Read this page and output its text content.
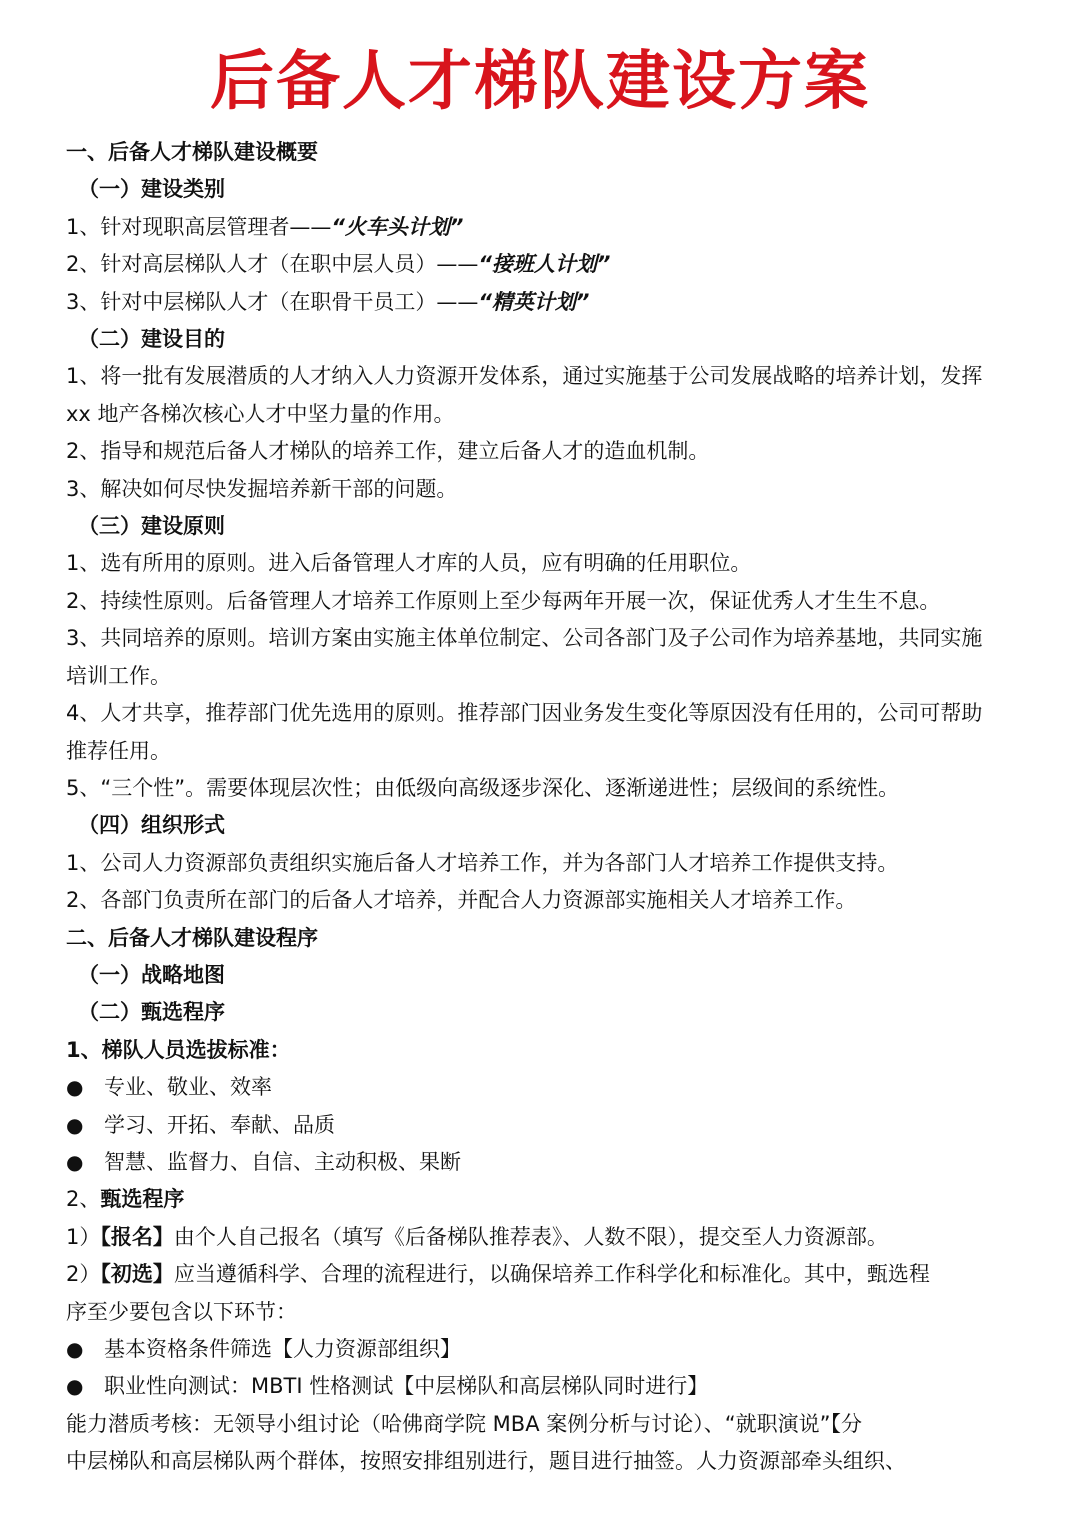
后备人才梯队建设方案
一、后备人才梯队建设概要
（一）建设类别
1、针对现职高层管理者——“火车头计划”
2、针对高层梯队人才（在职中层人员）——“接班人计划”
3、针对中层梯队人才（在职骨干员工）——“精英计划”
（二）建设目的
1、将一批有发展潜质的人才纳入人力资源开发体系，通过实施基于公司发展战略的培养计划，发挥
xx 地产各梯次核心人才中坚力量的作用。
2、指导和规范后备人才梯队的培养工作，建立后备人才的造血机制。
3、解决如何尽快发掘培养新干部的问题。
（三）建设原则
1、选有所用的原则。进入后备管理人才库的人员，应有明确的任用职位。
2、持续性原则。后备管理人才培养工作原则上至少每两年开展一次，保证优秀人才生生不息。
3、共同培养的原则。培训方案由实施主体单位制定、公司各部门及子公司作为培养基地，共同实施
培训工作。
4、人才共享，推荐部门优先选用的原则。推荐部门因业务发生变化等原因没有任用的，公司可帮助
推荐任用。
5、“三个性”。需要体现层次性；由低级向高级逐步深化、逐渐递进性；层级间的系统性。
（四）组织形式
1、公司人力资源部负责组织实施后备人才培养工作，并为各部门人才培养工作提供支持。
2、各部门负责所在部门的后备人才培养，并配合人力资源部实施相关人才培养工作。
二、后备人才梯队建设程序
（一）战略地图
（二）甄选程序
1、梯队人员选拔标准：
● 专业、敬业、效率
● 学习、开拓、奉献、品质
● 智慧、监督力、自信、主动积极、果断
2、甄选程序
1）【报名】由个人自己报名（填写《后备梯队推荐表》、人数不限），提交至人力资源部。
2）【初选】应当遵循科学、合理的流程进行，以确保培养工作科学化和标准化。其中，甄选程
序至少要包含以下环节：
● 基本资格条件筛选【人力资源部组织】
● 职业性向测试：MBTI 性格测试【中层梯队和高层梯队同时进行】
能力潜质考核：无领导小组讨论（哈佛商学院 MBA 案例分析与讨论）、“就职演说”【分
中层梯队和高层梯队两个群体，按照安排组别进行，题目进行抽签。人力资源部牵头组织、
